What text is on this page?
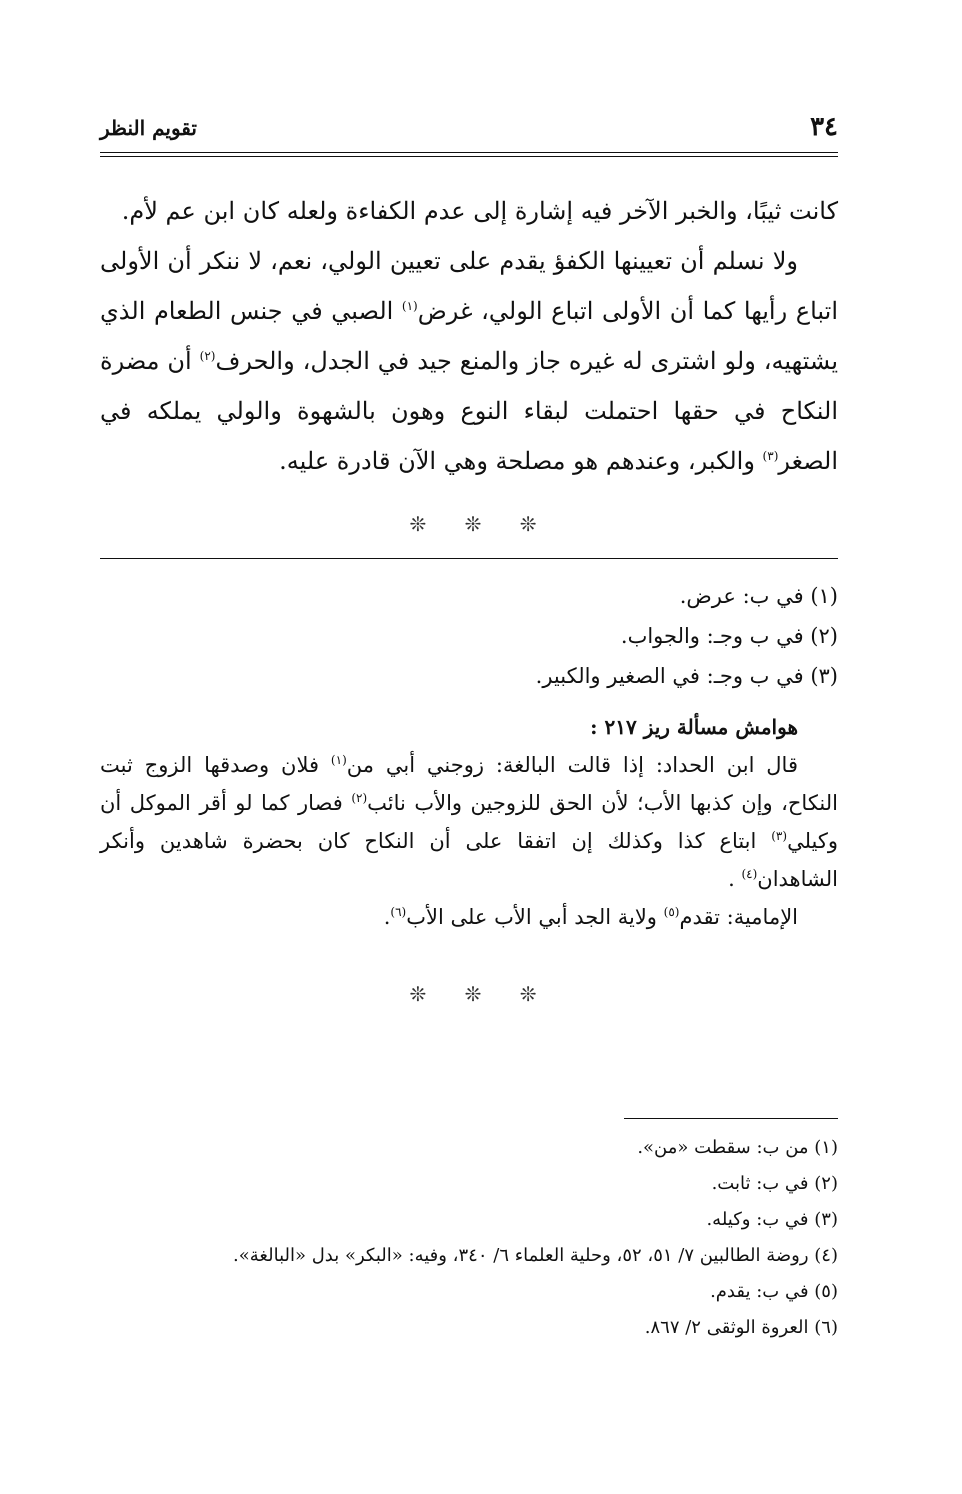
٣٤
تقويم النظر

كانت ثيبًا، والخبر الآخر فيه إشارة إلى عدم الكفاءة ولعله كان ابن عم لأم.

ولا نسلم أن تعيينها الكفؤ يقدم على تعيين الولي، نعم، لا ننكر أن الأولى اتباع رأيها كما أن الأولى اتباع الولي، غرض$^{(١)}$ الصبي في جنس الطعام الذي يشتهيه، ولو اشترى له غيره جاز والمنع جيد في الجدل، والحرف$^{(٢)}$ أن مضرة النكاح في حقها احتملت لبقاء النوع وهون بالشهوة والولي يملكه في الصغر$^{(٣)}$ والكبر، وعندهم هو مصلحة وهي الآن قادرة عليه.

❊ ❊ ❊
(١) في ب: عرض.
(٢) في ب وجـ: والجواب.
(٣) في ب وجـ: في الصغير والكبير.

هوامش مسألة ريز ٢١٧ :

قال ابن الحداد: إذا قالت البالغة: زوجني أبي من$^{(١)}$ فلان وصدقها الزوج ثبت النكاح، وإن كذبها الأب؛ لأن الحق للزوجين والأب نائب$^{(٢)}$ فصار كما لو أقر الموكل أن وكيلي$^{(٣)}$ ابتاع كذا وكذلك إن اتفقا على أن النكاح كان بحضرة شاهدين وأنكر الشاهدان$^{(٤)}$ .

الإمامية: تقدم$^{(٥)}$ ولاية الجد أبي الأب على الأب$^{(٦)}$.

❊ ❊ ❊
(١) من ب: سقطت «من».
(٢) في ب: ثابت.
(٣) في ب: وكيله.
(٤) روضة الطالبين ٧/ ٥١، ٥٢، وحلية العلماء ٦/ ٣٤٠، وفيه: «البكر» بدل «البالغة».
(٥) في ب: يقدم.
(٦) العروة الوثقى ٢/ ٨٦٧.
